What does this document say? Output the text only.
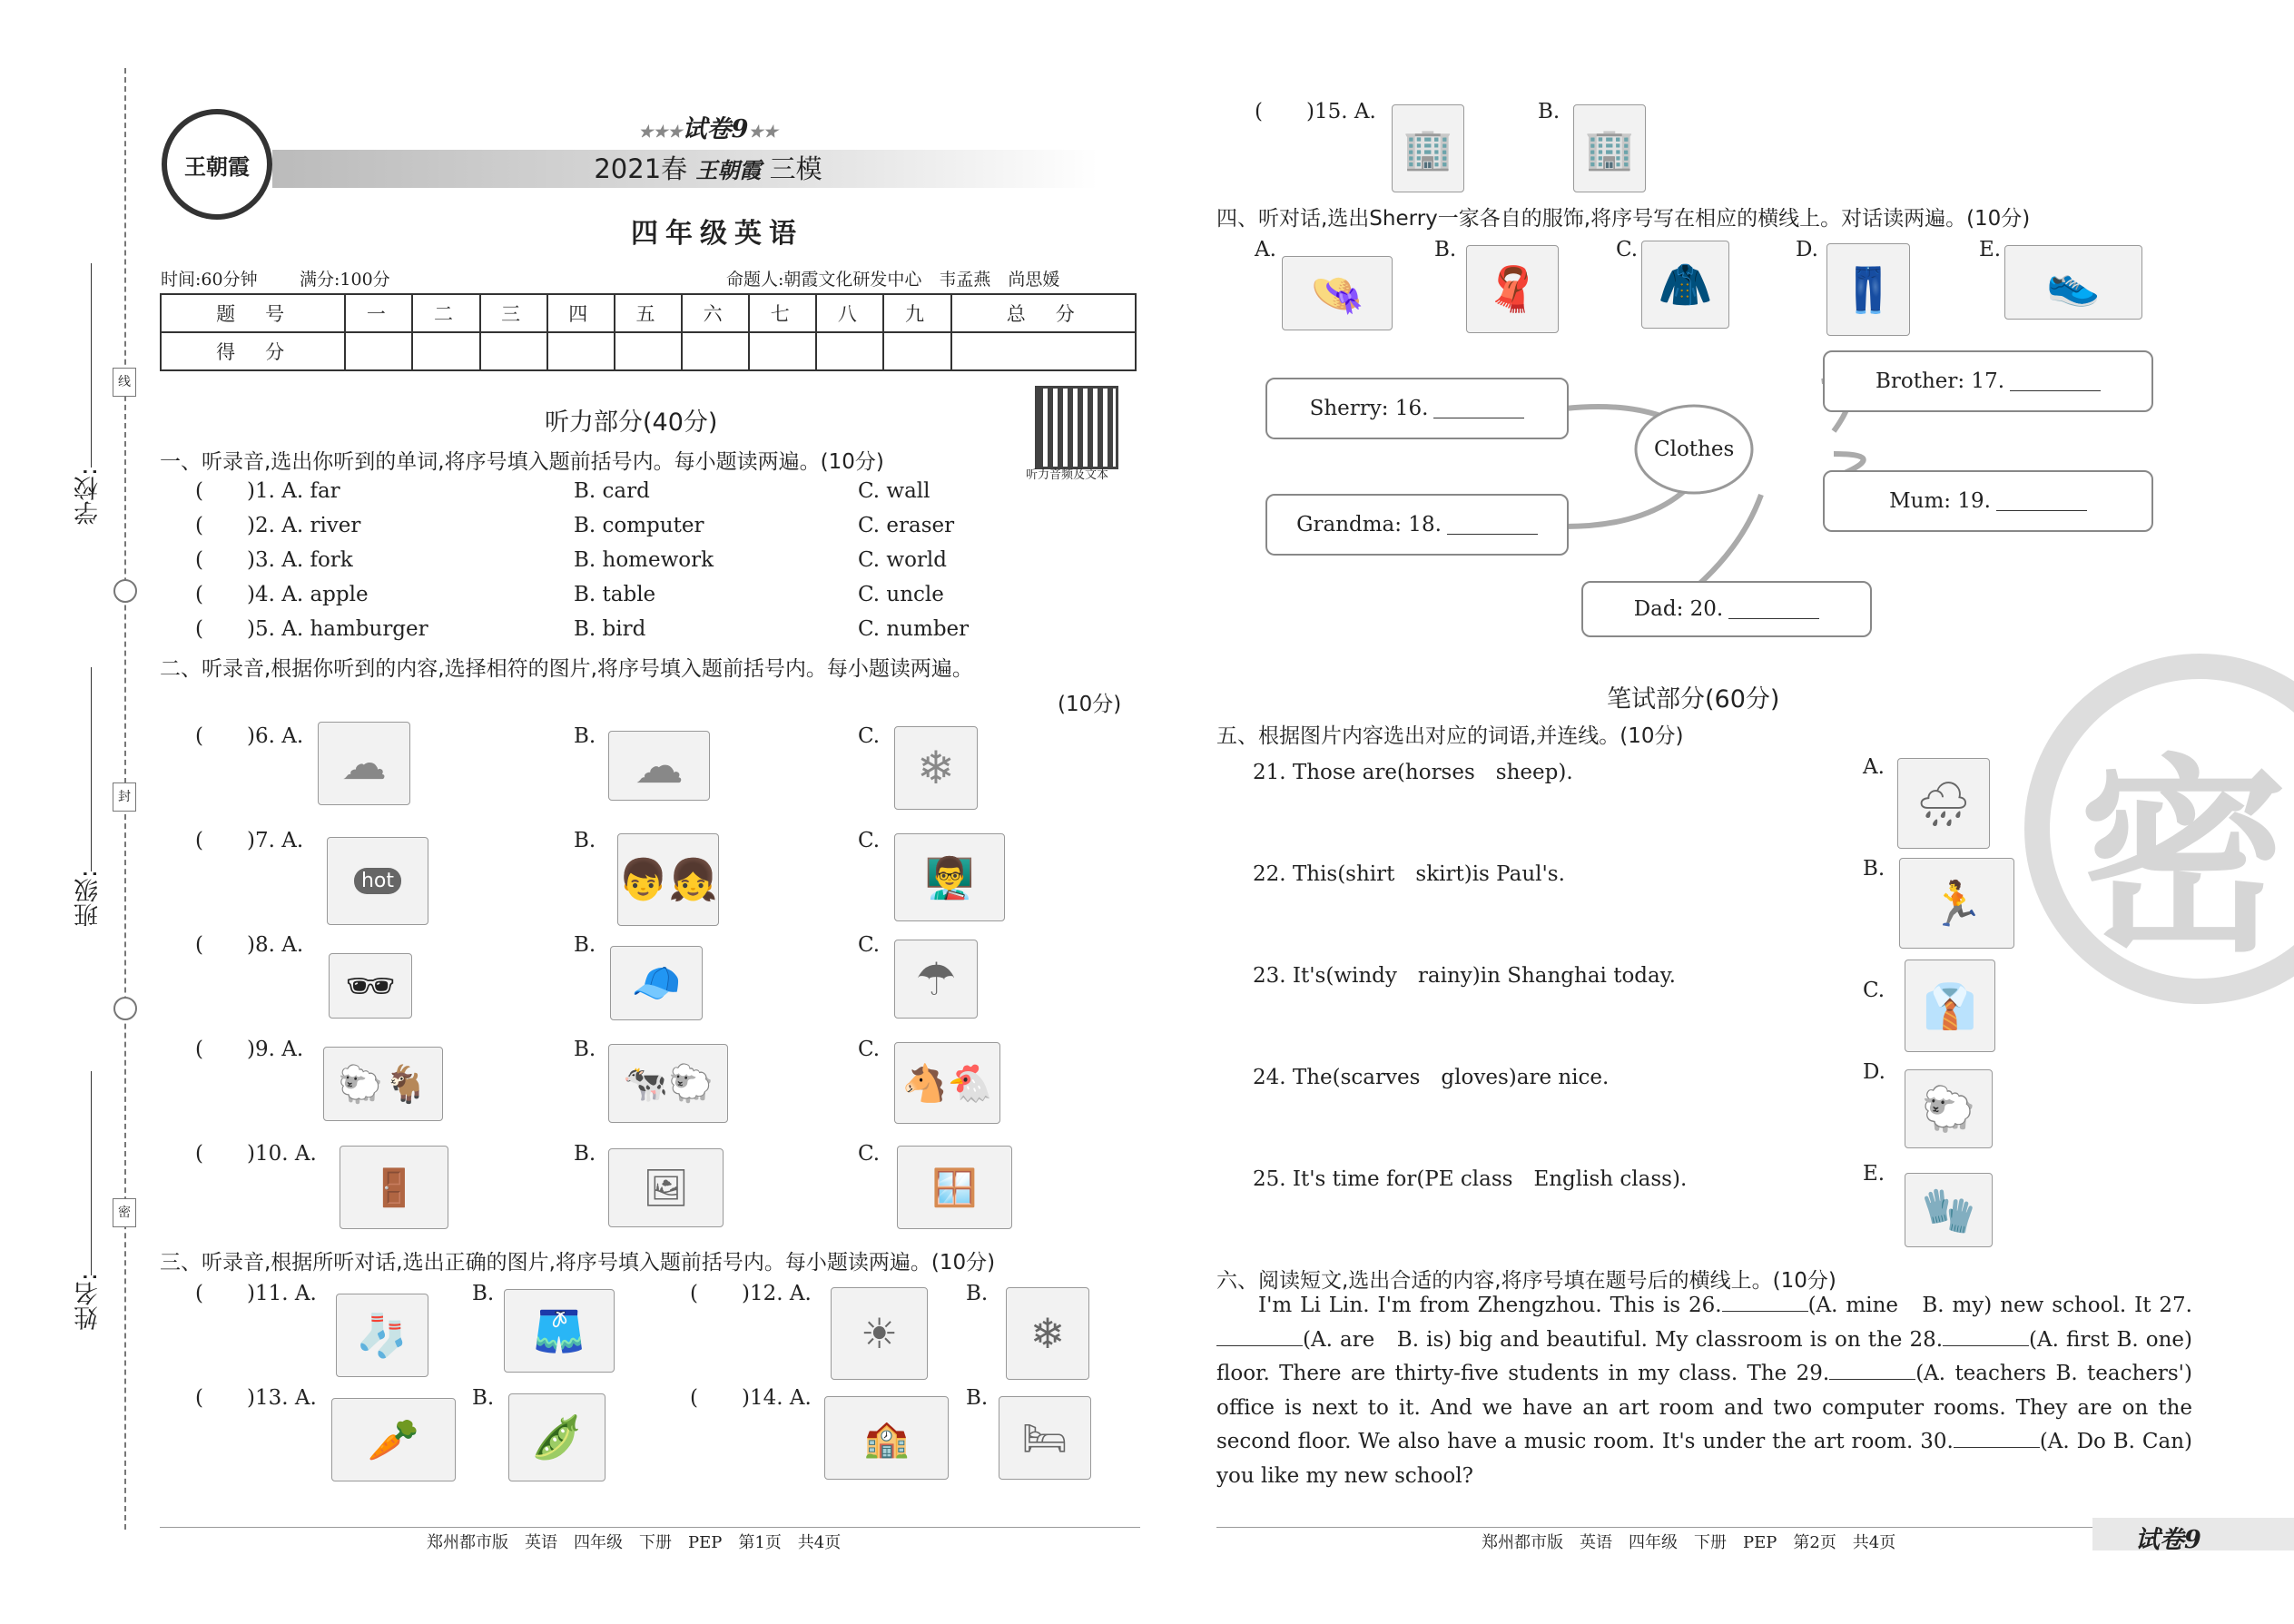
线
封
密
学校:
班级:
姓名:
王朝霞
★★★试卷9★★
2021春 王朝霞 三模
四年级英语
时间:60分钟 满分:100分	命题人:朝霞文化研发中心　韦孟燕　尚思媛
题　号	一	二	三	四	五	六	七	八	九	总　分
得　分										
听力部分(40分)
听力音频及文本
一、听录音,选出你听到的单词,将序号填入题前括号内。每小题读两遍。(10分)
( )1. A. far	B. card	C. wall
( )2. A. river	B. computer	C. eraser
( )3. A. fork	B. homework	C. world
( )4. A. apple	B. table	C. uncle
( )5. A. hamburger	B. bird	C. number
二、听录音,根据你听到的内容,选择相符的图片,将序号填入题前括号内。每小题读两遍。
(10分)
( )6. A.	B.	C.
☁	☁	❄
( )7. A.	B.	C.
hot	👦👧	👨‍🏫
( )8. A.	B.	C.
🕶	🧢	☂
( )9. A.	B.	C.
🐑🐐	🐄🐑	🐴🐔
( )10. A.	B.	C.
🚪	🖼	🪟
三、听录音,根据所听对话,选出正确的图片,将序号填入题前括号内。每小题读两遍。(10分)
( )11. A.	B.
🧦	🩳
( )12. A.	B.
☀	❄
( )13. A.	B.
🥕	🫛
( )14. A.	B.
🏫	🛏
郑州都市版　英语　四年级　下册　PEP　第1页　共4页
( )15. A.	B.
🏢	🏢
四、听对话,选出Sherry一家各自的服饰,将序号写在相应的横线上。对话读两遍。(10分)
A.	B.	C.	D.	E.
👒	🧣	🧥	👖	👟
Clothes
Sherry: 16.
Grandma: 18.
Brother: 17.
Mum: 19.
Dad: 20.
笔试部分(60分)
五、根据图片内容选出对应的词语,并连线。(10分)
21. Those are(horses　sheep).
22. This(shirt　skirt)is Paul's.
23. It's(windy　rainy)in Shanghai today.
24. The(scarves　gloves)are nice.
25. It's time for(PE class　English class).
A.
B.
C.
D.
E.
🌧
🏃
👔
🐑
🧤
密
六、阅读短文,选出合适的内容,将序号填在题号后的横线上。(10分)
I'm Li Lin. I'm from Zhengzhou. This is 26.	(A. mine　B. my) new school. It 27.(A. are　B. is) big and beautiful. My classroom is on the 28.	(A. first B. one) floor. There are thirty-five students in my class. The 29.	(A. teachers B. teachers') office is next to it. And we have an art room and two computer rooms. They are on the second floor. We also have a music room. It's under the art room. 30.	(A. Do B. Can) you like my new school?
郑州都市版　英语　四年级　下册　PEP　第2页　共4页	试卷9
